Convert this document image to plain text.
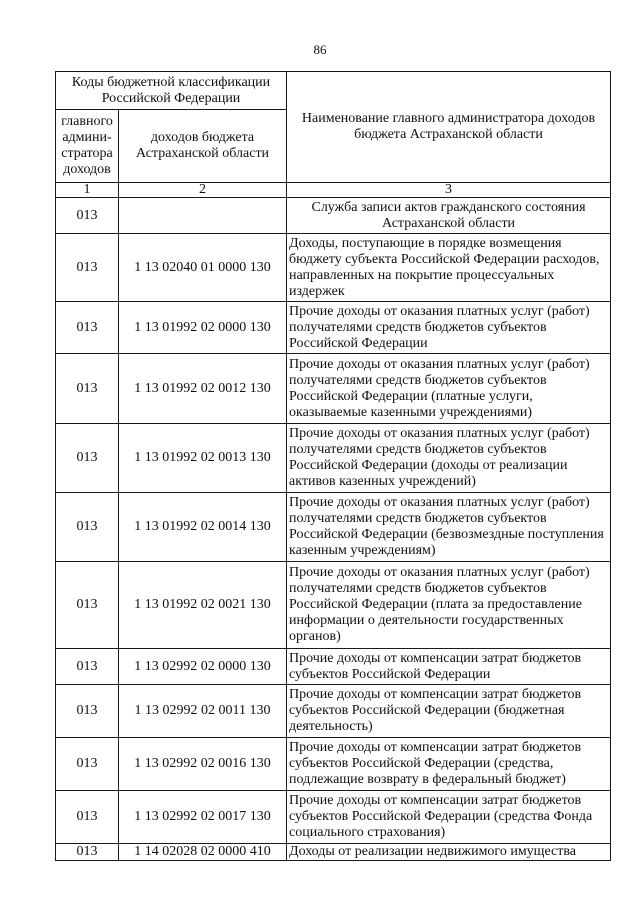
86
Коды бюджетной классификации Российской Федерации		Наименование главного администратора доходов бюджета Астраханской области
главного админи-стратора доходов	доходов бюджета Астраханской области	
1	2	3
013		Служба записи актов гражданского состояния Астраханской области
013	1 13 02040 01 0000 130	Доходы, поступающие в порядке возмещения бюджету субъекта Российской Федерации расходов, направленных на покрытие процессуальных издержек
013	1 13 01992 02 0000 130	Прочие доходы от оказания платных услуг (работ) получателями средств бюджетов субъектов Российской Федерации
013	1 13 01992 02 0012 130	Прочие доходы от оказания платных услуг (работ) получателями средств бюджетов субъектов Российской Федерации (платные услуги, оказываемые казенными учреждениями)
013	1 13 01992 02 0013 130	Прочие доходы от оказания платных услуг (работ) получателями средств бюджетов субъектов Российской Федерации (доходы от реализации активов казенных учреждений)
013	1 13 01992 02 0014 130	Прочие доходы от оказания платных услуг (работ) получателями средств бюджетов субъектов Российской Федерации (безвозмездные поступления казенным учреждениям)
013	1 13 01992 02 0021 130	Прочие доходы от оказания платных услуг (работ) получателями средств бюджетов субъектов Российской Федерации (плата за предоставление информации о деятельности государственных органов)
013	1 13 02992 02 0000 130	Прочие доходы от компенсации затрат бюджетов субъектов Российской Федерации
013	1 13 02992 02 0011 130	Прочие доходы от компенсации затрат бюджетов субъектов Российской Федерации (бюджетная деятельность)
013	1 13 02992 02 0016 130	Прочие доходы от компенсации затрат бюджетов субъектов Российской Федерации (средства, подлежащие возврату в федеральный бюджет)
013	1 13 02992 02 0017 130	Прочие доходы от компенсации затрат бюджетов субъектов Российской Федерации (средства Фонда социального страхования)
013	1 14 02028 02 0000 410	Доходы от реализации недвижимого имущества
